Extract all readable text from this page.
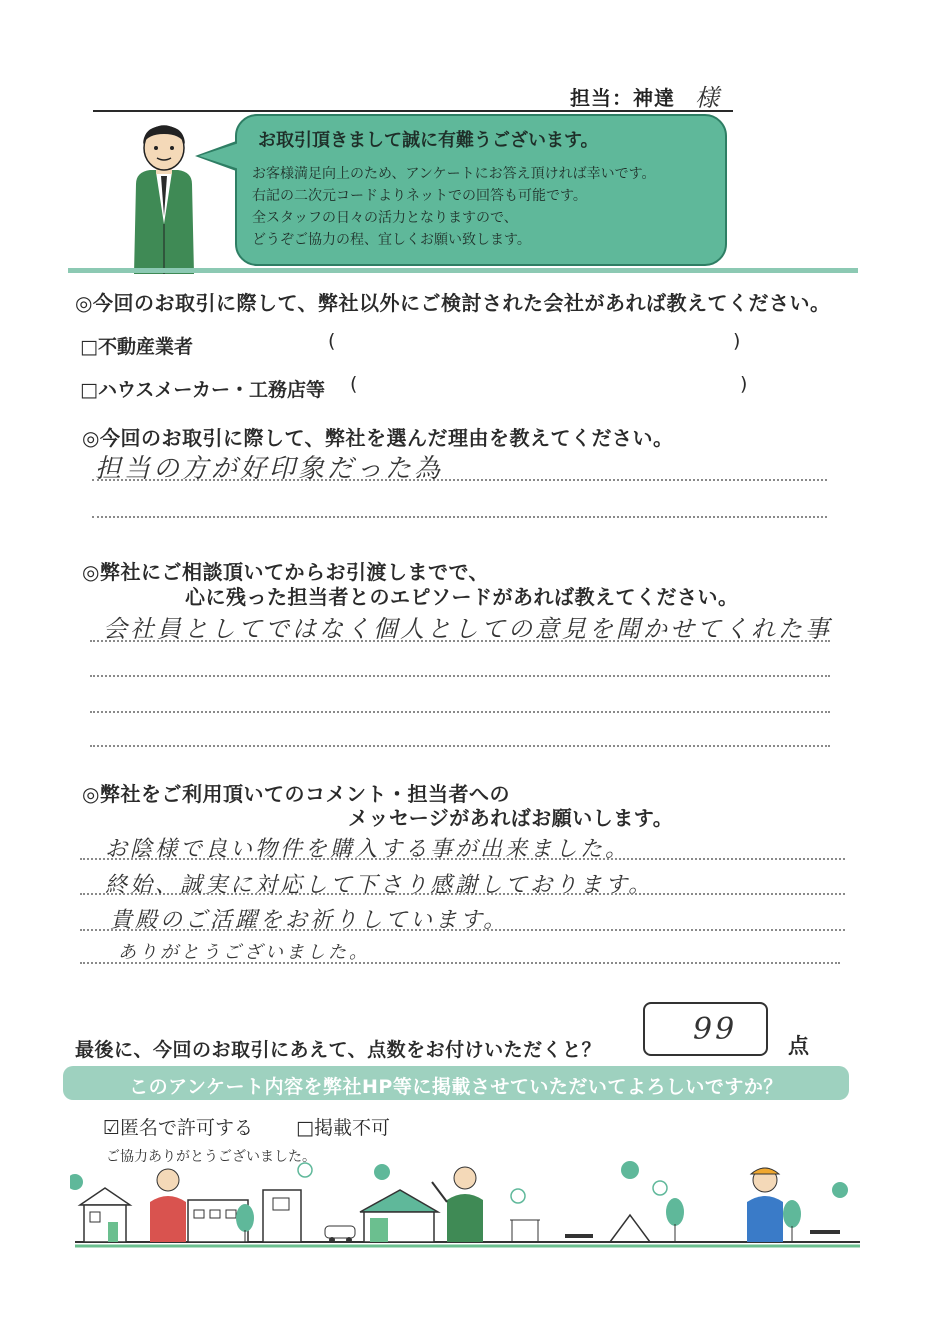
担当：神達 様
お取引頂きまして誠に有難うございます。
お客様満足向上のため、アンケートにお答え頂ければ幸いです。
右記の二次元コードよりネットでの回答も可能です。
全スタッフの日々の活力となりますので、
どうぞご協力の程、宜しくお願い致します。
◎今回のお取引に際して、弊社以外にご検討された会社があれば教えてください。
□不動産業者	(	)
□ハウスメーカー・工務店等 (	)
◎今回のお取引に際して、弊社を選んだ理由を教えてください。
担当の方が好印象だった為
◎弊社にご相談頂いてからお引渡しまでで、
心に残った担当者とのエピソードがあれば教えてください。
会社員としてではなく個人としての意見を聞かせてくれた事
◎弊社をご利用頂いてのコメント・担当者への
メッセージがあればお願いします。
お陰様で良い物件を購入する事が出来ました。
終始、誠実に対応して下さり感謝しております。
貴殿のご活躍をお祈りしています。
ありがとうございました。
最後に、今回のお取引にあえて、点数をお付けいただくと？
99 点
このアンケート内容を弊社HP等に掲載させていただいてよろしいですか？
☑匿名で許可する □掲載不可
ご協力ありがとうございました。
